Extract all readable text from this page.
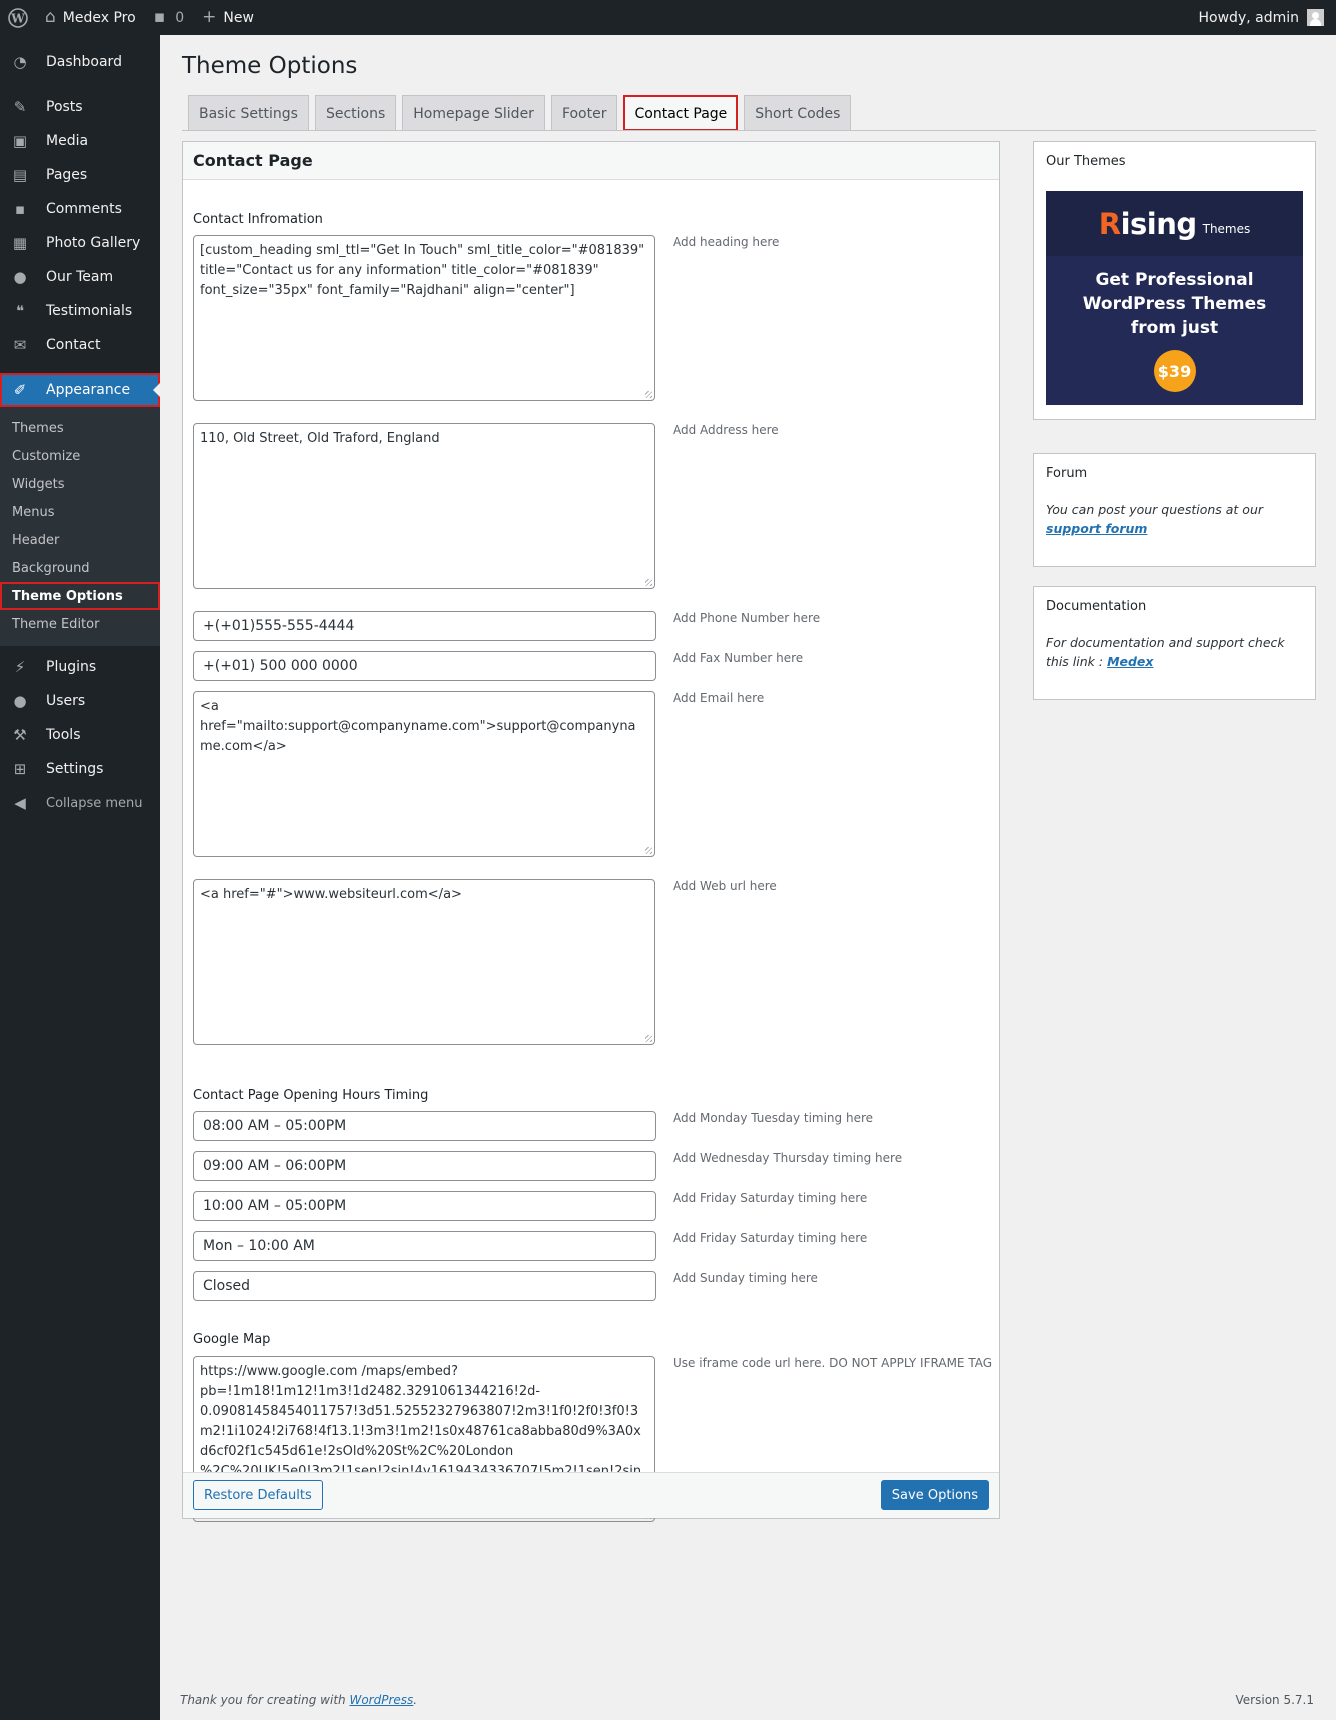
W ⌂ Medex Pro ▪ 0 + New	Howdy, admin
◔ Dashboard
✎ Posts
▣ Media
▤ Pages
▪	Comments
▦ Photo Gallery
● Our Team
❝	Testimonials
✉ Contact
✐ Appearance
Themes
Customize
Widgets
Menus
Header
Background
Theme Options
Theme Editor
⚡	Plugins
● Users
⚒ Tools
⊞ Settings
◀	Collapse menu
Theme Options
Basic Settings	Sections	Homepage Slider	Footer	Contact Page	Short Codes
Contact Page
Contact Infromation
[custom_heading sml_ttl="Get In Touch" sml_title_color="#081839" title="Contact us for any information" title_color="#081839" font_size="35px" font_family="Rajdhani" align="center"]
Add heading here
110, Old Street, Old Traford, England
Add Address here
+(+01)555-555-4444	Add Phone Number here
+(+01) 500 000 0000	Add Fax Number here
<a href="mailto:support@companyname.com">support@companyname.com</a>
Add Email here
<a href="#">www.websiteurl.com</a>
Add Web url here
Contact Page Opening Hours Timing
08:00 AM – 05:00PM	Add Monday Tuesday timing here
09:00 AM – 06:00PM	Add Wednesday Thursday timing here
10:00 AM – 05:00PM	Add Friday Saturday timing here
Mon – 10:00 AM	Add Friday Saturday timing here
Closed	Add Sunday timing here
Google Map
https://www.google.com /maps/embed?pb=!1m18!1m12!1m3!1d2482.3291061344216!2d-0.09081458454011757!3d51.52552327963807!2m3!1f0!2f0!3f0!3m2!1i1024!2i768!4f13.1!3m3!1m2!1s0x48761ca8abba80d9%3A0xd6cf02f1c545d61e!2sOld%20St%2C%20London
Use iframe code url here. DO NOT APPLY IFRAME TAG
Restore Defaults	Save Options
Our Themes
Rising Themes
Get Professional
WordPress Themes
from just
$39
Forum
You can post your questions at our support forum
Documentation
For documentation and support check this link : Medex
Thank you for creating with WordPress.	Version 5.7.1
